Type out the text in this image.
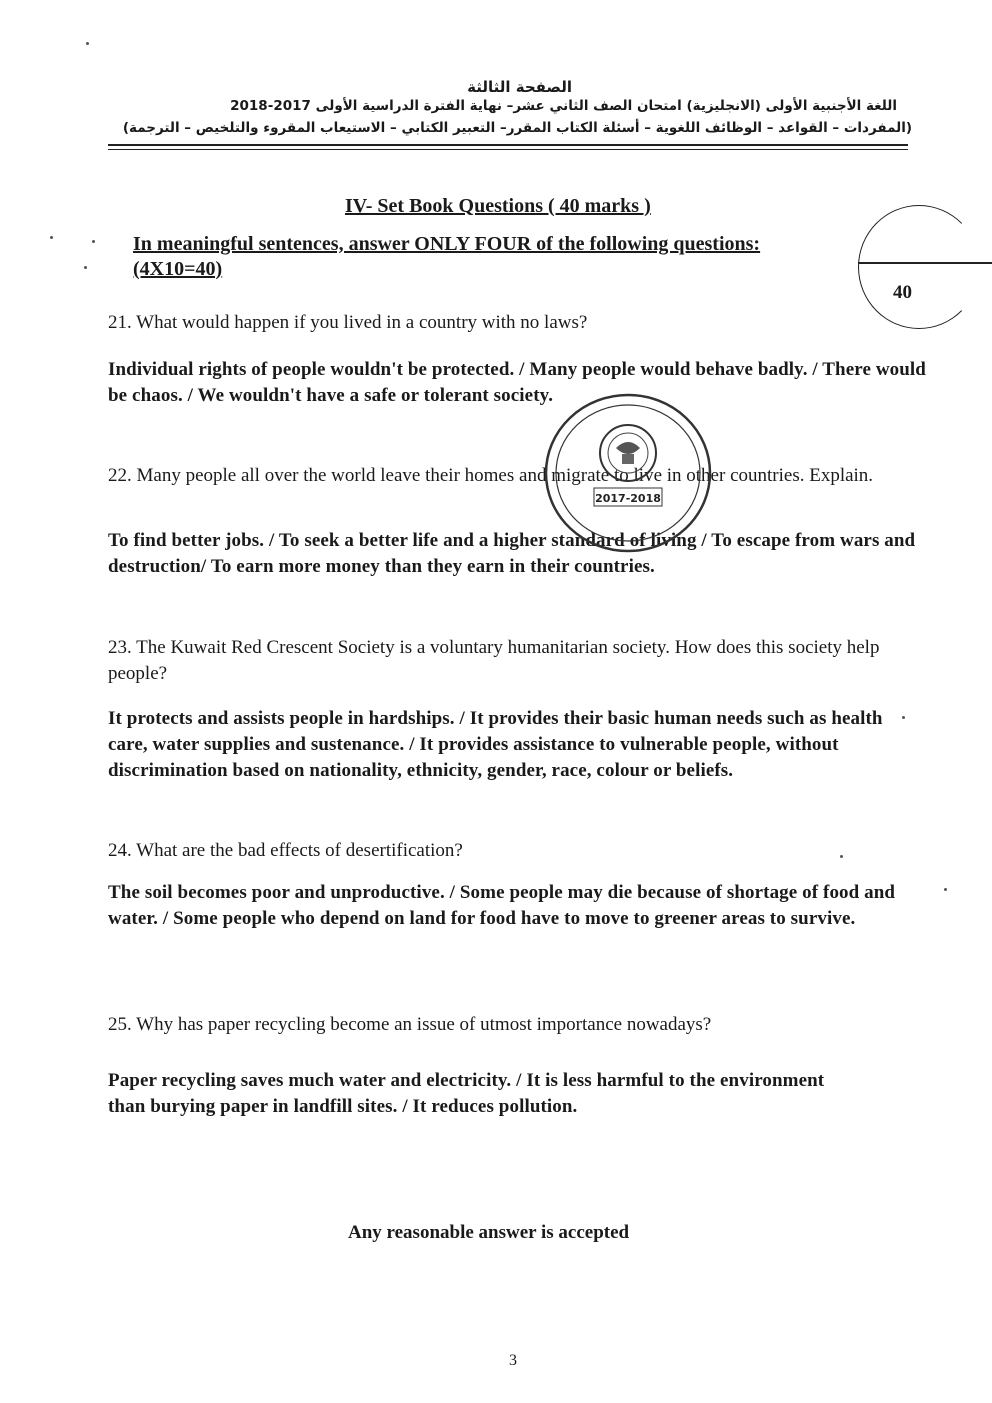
الصفحة الثالثة
اللغة الأجنبية الأولى (الانجليزية) امتحان الصف الثاني عشر– نهاية الفترة الدراسية الأولى 2017-2018
(المفردات – القواعد – الوظائف اللغوية – أسئلة الكتاب المقرر– التعبير الكتابي – الاستيعاب المقروء والتلخيص – الترجمة)
IV- Set Book Questions ( 40 marks )
In meaningful sentences, answer ONLY FOUR of the following questions:
(4X10=40)
40
21. What would happen if you lived in a country with no laws?
Individual rights of people wouldn't be protected. / Many people would behave badly. / There would be chaos. / We wouldn't have a safe or tolerant society.
22. Many people all over the world leave their homes and migrate to live in other countries. Explain.
To find better jobs. / To seek a better life and a higher standard of living / To escape from wars and destruction/ To earn more money than they earn in their countries.
23. The Kuwait Red Crescent Society is a voluntary humanitarian society. How does this society help people?
It protects and assists people in hardships. / It provides their basic human needs such as health care, water supplies and sustenance. / It provides assistance to vulnerable people, without discrimination based on nationality, ethnicity, gender, race, colour or beliefs.
24. What are the bad effects of desertification?
The soil becomes poor and unproductive. / Some people may die because of shortage of food and water. / Some people who depend on land for food have to move to greener areas to survive.
25. Why has paper recycling become an issue of utmost importance nowadays?
Paper recycling saves much water and electricity. / It is less harmful to the environment than burying paper in landfill sites. / It reduces pollution.
2017-2018
Any reasonable answer is accepted
3
